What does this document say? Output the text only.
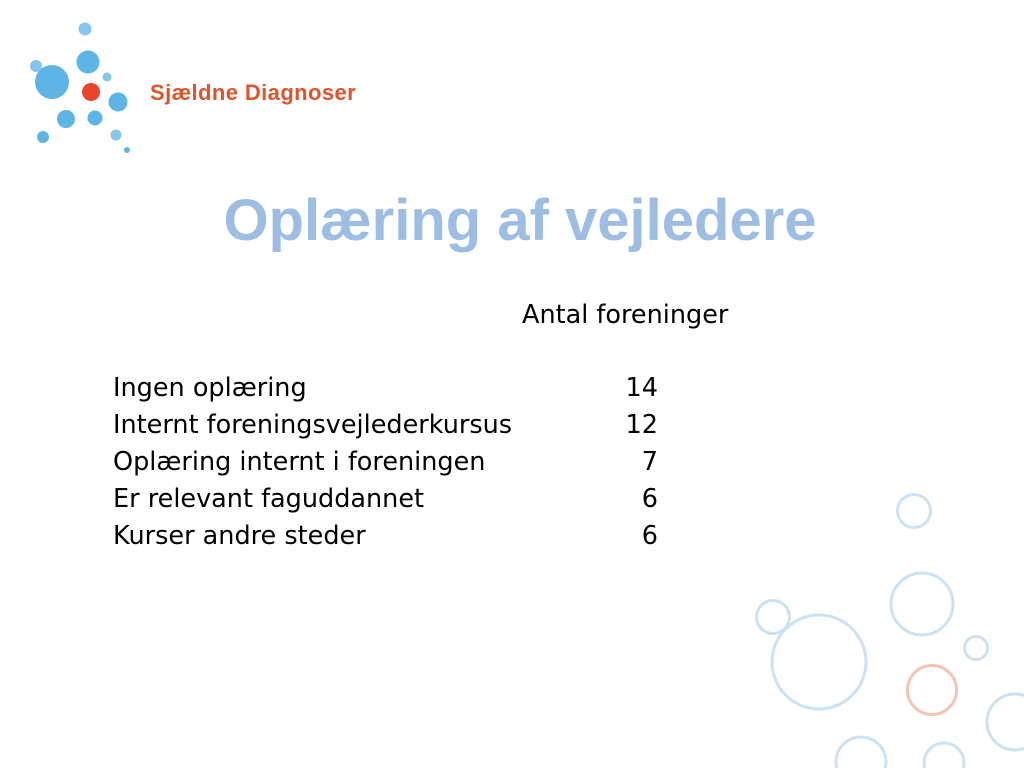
Sjældne Diagnoser
Oplæring af vejledere
Antal foreninger
Ingen oplæring	14
Internt foreningsvejlederkursus	12
Oplæring internt i foreningen	7
Er relevant faguddannet	6
Kurser andre steder	6
